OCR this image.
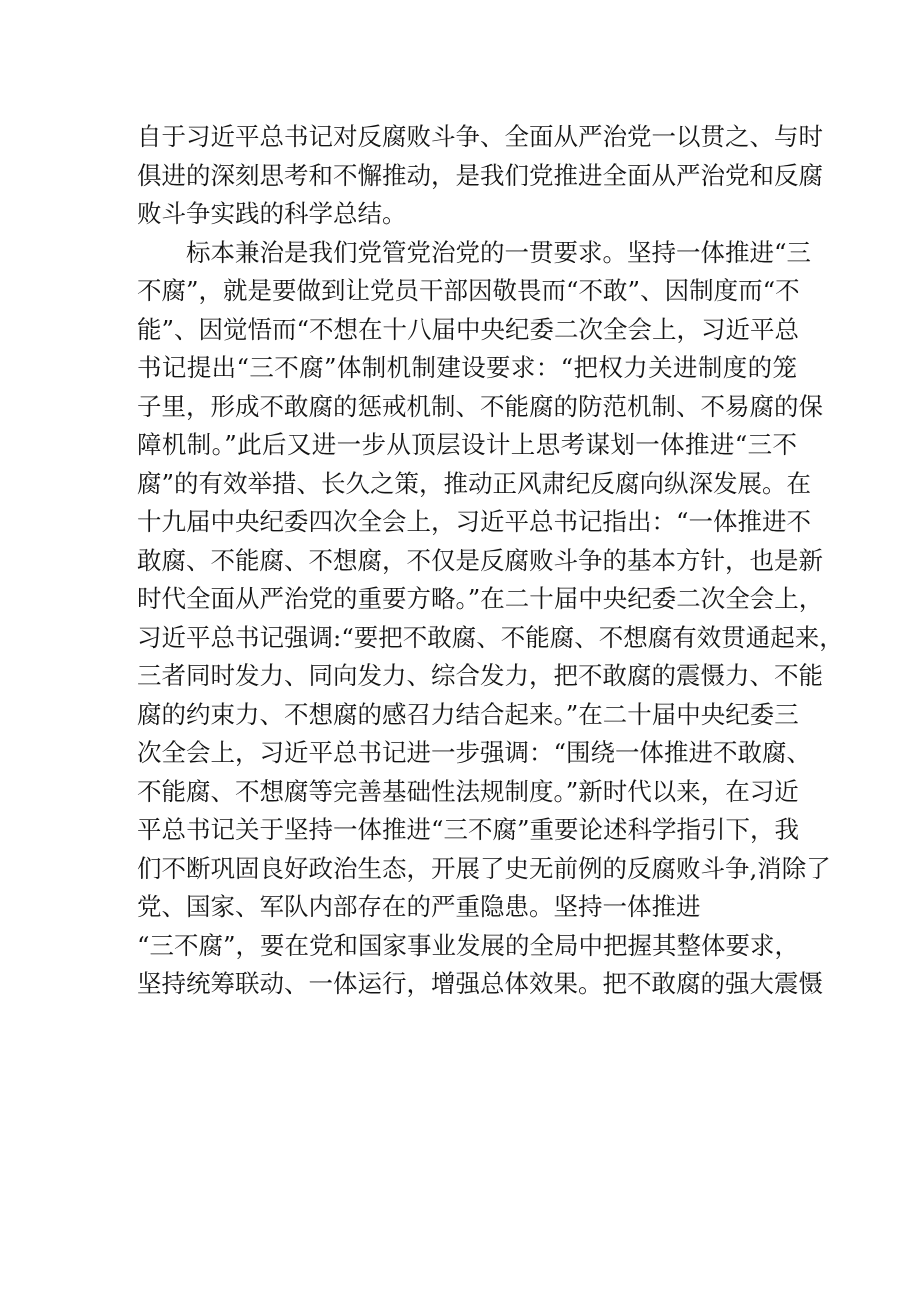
自于习近平总书记对反腐败斗争、全面从严治党一以贯之、与时
俱进的深刻思考和不懈推动，是我们党推进全面从严治党和反腐
败斗争实践的科学总结。
标本兼治是我们党管党治党的一贯要求。坚持一体推进“三
不腐”，就是要做到让党员干部因敬畏而“不敢”、因制度而“不
能”、因觉悟而“不想在十八届中央纪委二次全会上，习近平总
书记提出“三不腐”体制机制建设要求：“把权力关进制度的笼
子里，形成不敢腐的惩戒机制、不能腐的防范机制、不易腐的保
障机制。”此后又进一步从顶层设计上思考谋划一体推进“三不
腐”的有效举措、长久之策，推动正风肃纪反腐向纵深发展。在
十九届中央纪委四次全会上，习近平总书记指出：“一体推进不
敢腐、不能腐、不想腐，不仅是反腐败斗争的基本方针，也是新
时代全面从严治党的重要方略。”在二十届中央纪委二次全会上，
习近平总书记强调:“要把不敢腐、不能腐、不想腐有效贯通起来，
三者同时发力、同向发力、综合发力，把不敢腐的震慑力、不能
腐的约束力、不想腐的感召力结合起来。”在二十届中央纪委三
次全会上，习近平总书记进一步强调：“围绕一体推进不敢腐、
不能腐、不想腐等完善基础性法规制度。”新时代以来，在习近
平总书记关于坚持一体推进“三不腐”重要论述科学指引下，我
们不断巩固良好政治生态，开展了史无前例的反腐败斗争,消除了
党、国家、军队内部存在的严重隐患。坚持一体推进
“三不腐”，要在党和国家事业发展的全局中把握其整体要求，
坚持统筹联动、一体运行，增强总体效果。把不敢腐的强大震慑
